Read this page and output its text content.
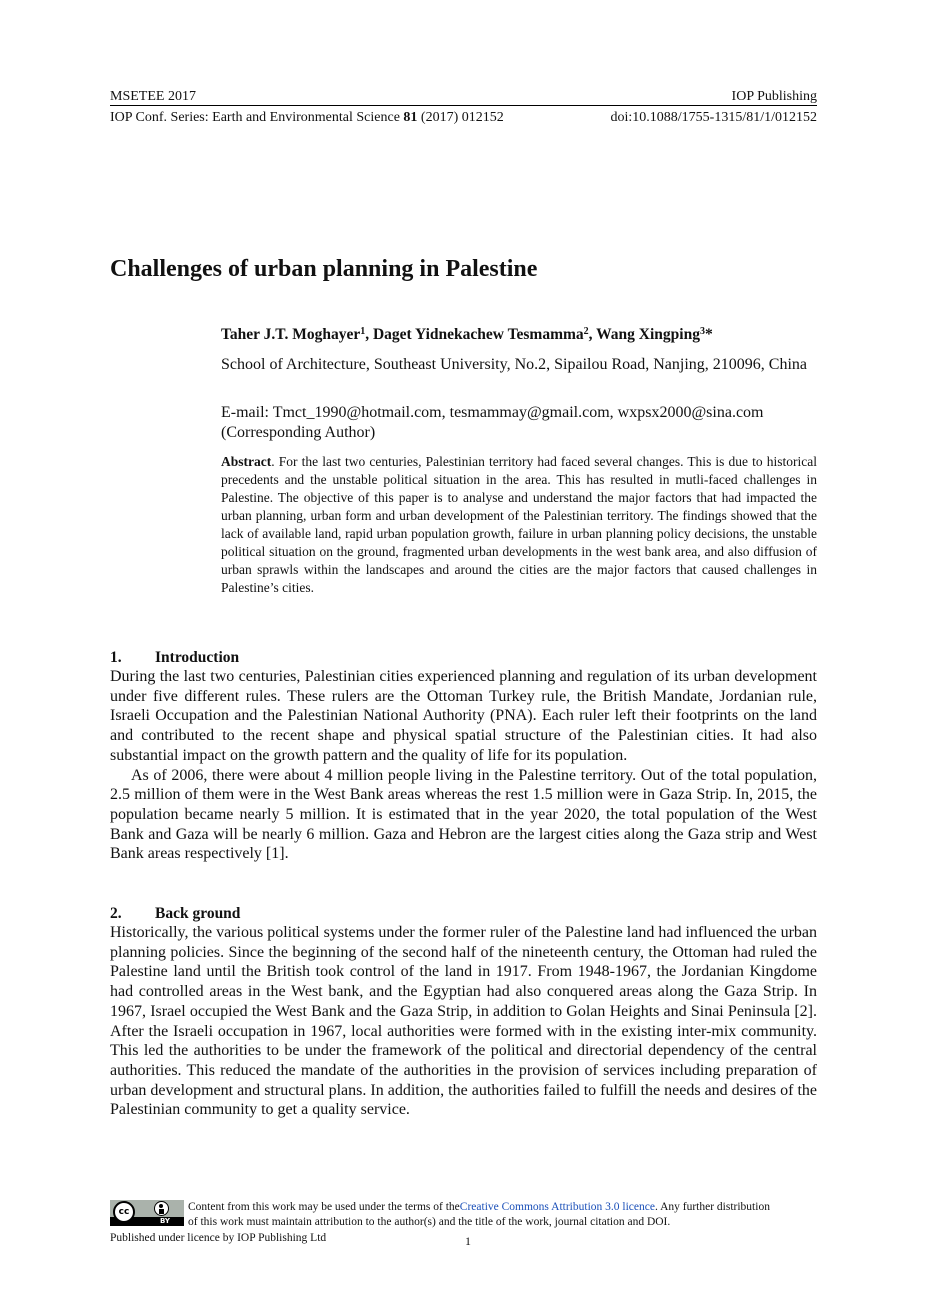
MSETEE 2017	IOP Publishing
IOP Conf. Series: Earth and Environmental Science 81 (2017) 012152	doi:10.1088/1755-1315/81/1/012152
Challenges of urban planning in Palestine
Taher J.T. Moghayer$^1$, Daget Yidnekachew Tesmamma$^2$, Wang Xingping$^3$*
School of Architecture, Southeast University, No.2, Sipailou Road, Nanjing, 210096, China
E-mail: Tmct_1990@hotmail.com, tesmammay@gmail.com, wxpsx2000@sina.com (Corresponding Author)
Abstract. For the last two centuries, Palestinian territory had faced several changes. This is due to historical precedents and the unstable political situation in the area. This has resulted in mutli-faced challenges in Palestine. The objective of this paper is to analyse and understand the major factors that had impacted the urban planning, urban form and urban development of the Palestinian territory. The findings showed that the lack of available land, rapid urban population growth, failure in urban planning policy decisions, the unstable political situation on the ground, fragmented urban developments in the west bank area, and also diffusion of urban sprawls within the landscapes and around the cities are the major factors that caused challenges in Palestine’s cities.
1. Introduction

During the last two centuries, Palestinian cities experienced planning and regulation of its urban development under five different rules. These rulers are the Ottoman Turkey rule, the British Mandate, Jordanian rule, Israeli Occupation and the Palestinian National Authority (PNA). Each ruler left their footprints on the land and contributed to the recent shape and physical spatial structure of the Palestinian cities. It had also substantial impact on the growth pattern and the quality of life for its population.

As of 2006, there were about 4 million people living in the Palestine territory. Out of the total population, 2.5 million of them were in the West Bank areas whereas the rest 1.5 million were in Gaza Strip. In, 2015, the population became nearly 5 million. It is estimated that in the year 2020, the total population of the West Bank and Gaza will be nearly 6 million. Gaza and Hebron are the largest cities along the Gaza strip and West Bank areas respectively [1].

2. Back ground

Historically, the various political systems under the former ruler of the Palestine land had influenced the urban planning policies. Since the beginning of the second half of the nineteenth century, the Ottoman had ruled the Palestine land until the British took control of the land in 1917. From 1948-1967, the Jordanian Kingdome had controlled areas in the West bank, and the Egyptian had also conquered areas along the Gaza Strip. In 1967, Israel occupied the West Bank and the Gaza Strip, in addition to Golan Heights and Sinai Peninsula [2]. After the Israeli occupation in 1967, local authorities were formed with in the existing inter-mix community. This led the authorities to be under the framework of the political and directorial dependency of the central authorities. This reduced the mandate of the authorities in the provision of services including preparation of urban development and structural plans. In addition, the authorities failed to fulfill the needs and desires of the Palestinian community to get a quality service.

cc
BY
Content from this work may be used under the terms of theCreative Commons Attribution 3.0 licence. Any further distribution
of this work must maintain attribution to the author(s) and the title of the work, journal citation and DOI.
Published under licence by IOP Publishing Ltd	1
